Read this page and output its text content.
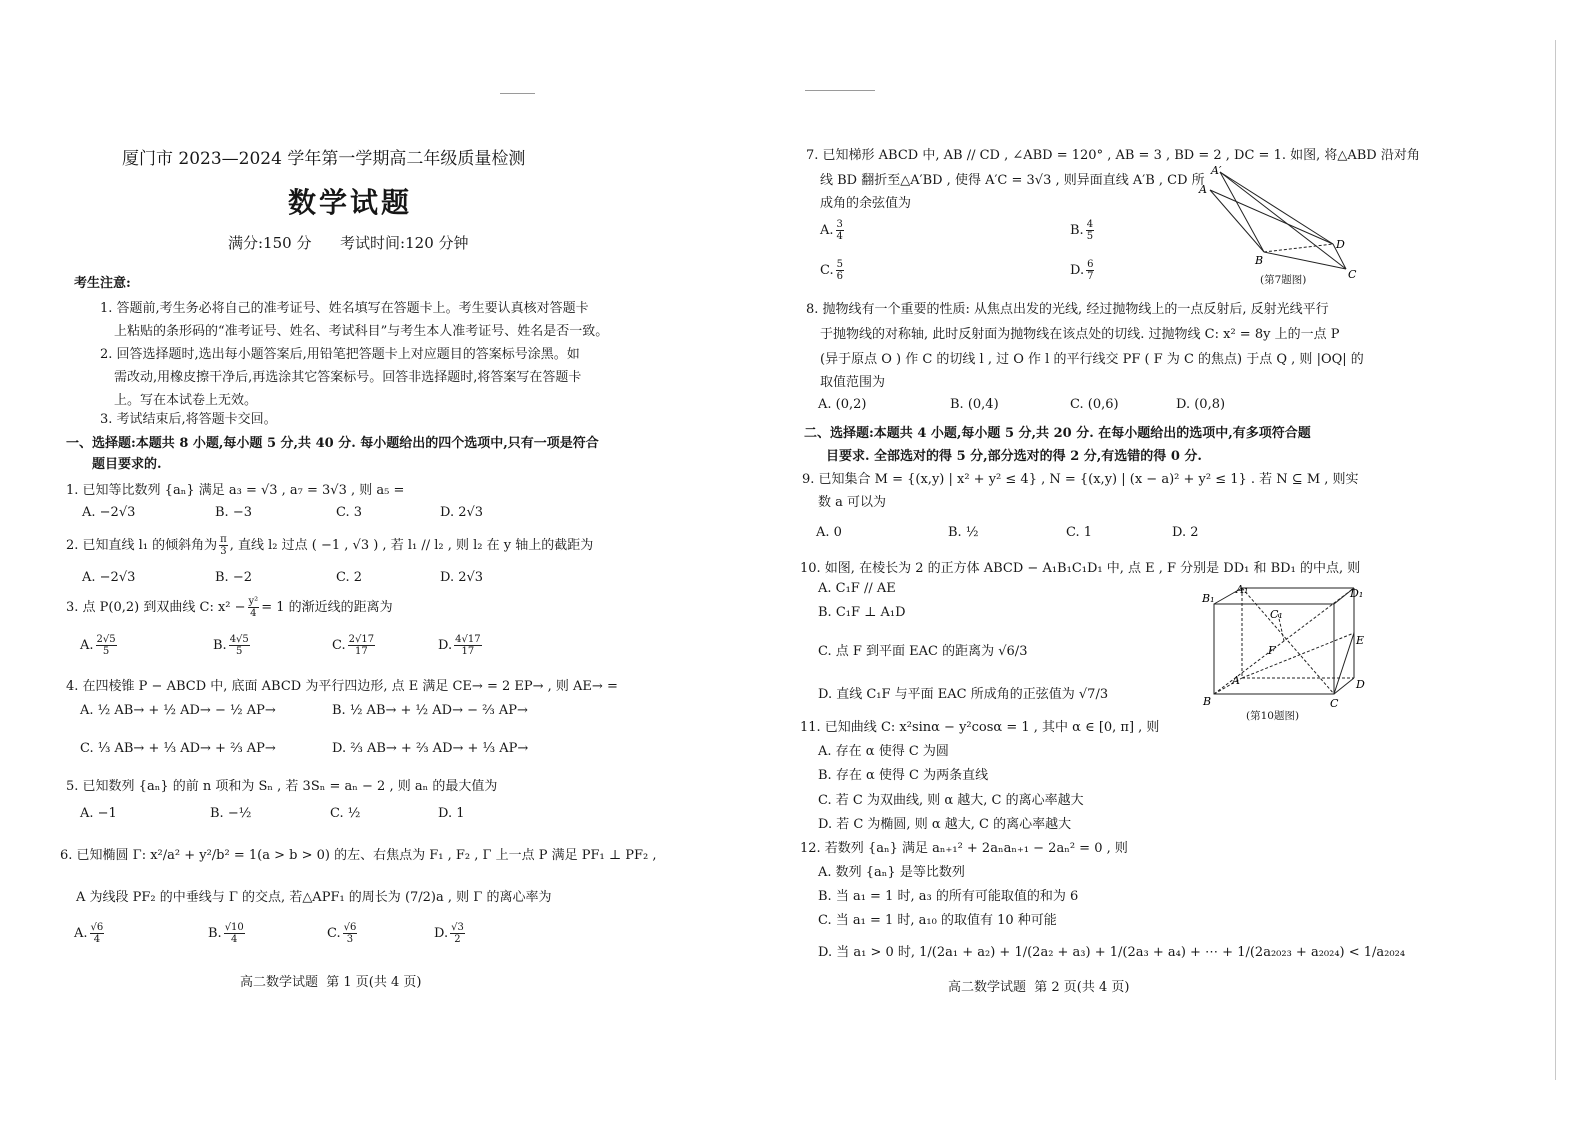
厦门市 2023—2024 学年第一学期高二年级质量检测
数学试题
满分:150 分      考试时间:120 分钟
考生注意:
1. 答题前,考生务必将自己的准考证号、姓名填写在答题卡上。考生要认真核对答题卡
上粘贴的条形码的“准考证号、姓名、考试科目”与考生本人准考证号、姓名是否一致。
2. 回答选择题时,选出每小题答案后,用铅笔把答题卡上对应题目的答案标号涂黑。如
需改动,用橡皮擦干净后,再选涂其它答案标号。回答非选择题时,将答案写在答题卡
上。写在本试卷上无效。
3. 考试结束后,将答题卡交回。
一、选择题:本题共 8 小题,每小题 5 分,共 40 分. 每小题给出的四个选项中,只有一项是符合
题目要求的.
1. 已知等比数列 {aₙ} 满足 a₃ = √3 , a₇ = 3√3 , 则 a₅ =
A. −2√3	B. −3	C. 3	D. 2√3
2. 已知直线 l₁ 的倾斜角为 $\frac{\pi}{3}$ , 直线 l₂ 过点 ( −1 , √3 ) , 若 l₁ // l₂ , 则 l₂ 在 y 轴上的截距为
A. −2√3	B. −2	C. 2	D. 2√3
3. 点 P(0,2) 到双曲线 C: $x^2 - \frac{\text{y²}}{4} = 1$ 的渐近线的距离为
A. $\frac{2√5}{5}$	B. $\frac{4√5}{5}$	C. $\frac{2√17}{17}$	D. $\frac{4√17}{17}$
4. 在四棱锥 P − ABCD 中, 底面 ABCD 为平行四边形, 点 E 满足 CE→ = 2 EP→ , 则 AE→ =
A. ½ AB→ + ½ AD→ − ½ AP→	B. ½ AB→ + ½ AD→ − ⅔ AP→
C. ⅓ AB→ + ⅓ AD→ + ⅔ AP→	D. ⅔ AB→ + ⅔ AD→ + ⅓ AP→
5. 已知数列 {aₙ} 的前 n 项和为 Sₙ , 若 3Sₙ = aₙ − 2 , 则 aₙ 的最大值为
A. −1	B. −½	C. ½	D. 1
6. 已知椭圆 Γ: x²/a² + y²/b² = 1(a > b > 0) 的左、右焦点为 F₁ , F₂ , Γ 上一点 P 满足 PF₁ ⊥ PF₂ ,
A 为线段 PF₂ 的中垂线与 Γ 的交点, 若△APF₁ 的周长为 (7/2)a , 则 Γ 的离心率为
A. $\frac{√6}{4}$	B. $\frac{√10}{4}$	C. $\frac{√6}{3}$	D. $\frac{√3}{2}$
高二数学试题  第 1 页(共 4 页)
7. 已知梯形 ABCD 中, AB // CD , ∠ABD = 120° , AB = 3 , BD = 2 , DC = 1. 如图, 将△ABD 沿对角
线 BD 翻折至△A′BD , 使得 A′C = 3√3 , 则异面直线 A′B , CD 所
成角的余弦值为
A. $\frac{3}{4}$	B. $\frac{4}{5}$
C. $\frac{5}{6}$	D. $\frac{6}{7}$
A′
A
B
D
C
(第7题图)
8. 抛物线有一个重要的性质: 从焦点出发的光线, 经过抛物线上的一点反射后, 反射光线平行
于抛物线的对称轴, 此时反射面为抛物线在该点处的切线. 过抛物线 C: x² = 8y 上的一点 P
(异于原点 O ) 作 C 的切线 l , 过 O 作 l 的平行线交 PF ( F 为 C 的焦点) 于点 Q , 则 |OQ| 的
取值范围为
A. (0,2)	B. (0,4)	C. (0,6)	D. (0,8)
二、选择题:本题共 4 小题,每小题 5 分,共 20 分. 在每小题给出的选项中,有多项符合题
目要求. 全部选对的得 5 分,部分选对的得 2 分,有选错的得 0 分.
9. 已知集合 M = {(x,y) | x² + y² ≤ 4} , N = {(x,y) | (x − a)² + y² ≤ 1} . 若 N ⊆ M , 则实
数 a 可以为
A. 0	B. ½	C. 1	D. 2
10. 如图, 在棱长为 2 的正方体 ABCD − A₁B₁C₁D₁ 中, 点 E , F 分别是 DD₁ 和 BD₁ 的中点, 则
A. C₁F // AE
B. C₁F ⊥ A₁D
C. 点 F 到平面 EAC 的距离为 √6/3
D. 直线 C₁F 与平面 EAC 所成角的正弦值为 √7/3
B₁
A₁	D₁
C₁
F
E
A
B	C
D
(第10题图)
11. 已知曲线 C: x²sinα − y²cosα = 1 , 其中 α ∈ [0, π] , 则
A. 存在 α 使得 C 为圆
B. 存在 α 使得 C 为两条直线
C. 若 C 为双曲线, 则 α 越大, C 的离心率越大
D. 若 C 为椭圆, 则 α 越大, C 的离心率越大
12. 若数列 {aₙ} 满足 aₙ₊₁² + 2aₙaₙ₊₁ − 2aₙ² = 0 , 则
A. 数列 {aₙ} 是等比数列
B. 当 a₁ = 1 时, a₃ 的所有可能取值的和为 6
C. 当 a₁ = 1 时, a₁₀ 的取值有 10 种可能
D. 当 a₁ > 0 时, 1/(2a₁ + a₂) + 1/(2a₂ + a₃) + 1/(2a₃ + a₄) + ⋯ + 1/(2a₂₀₂₃ + a₂₀₂₄) < 1/a₂₀₂₄
高二数学试题  第 2 页(共 4 页)
